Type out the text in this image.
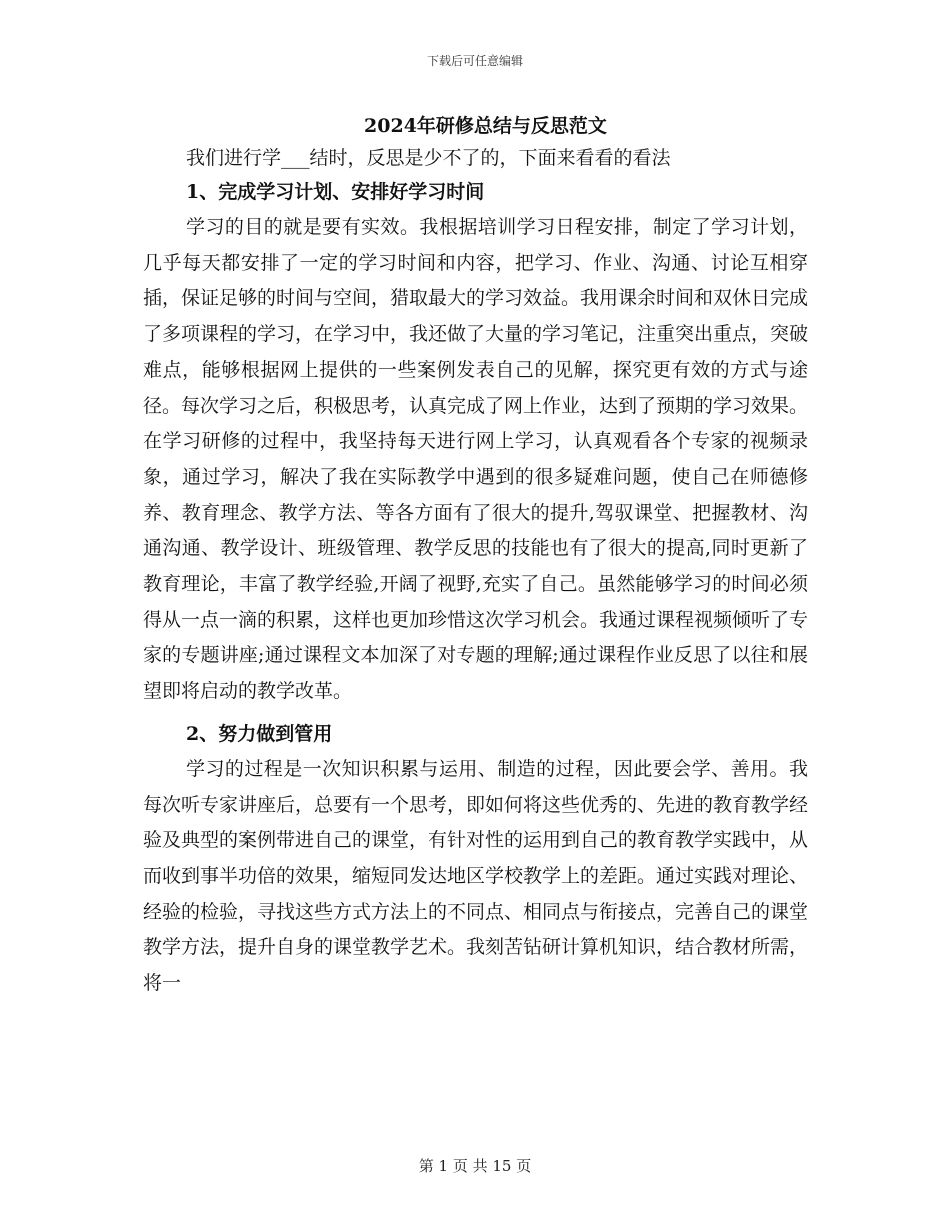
下载后可任意编辑
2024年研修总结与反思范文

我们进行学___结时，反思是少不了的，下面来看看的看法

1、完成学习计划、安排好学习时间

学习的目的就是要有实效。我根据培训学习日程安排，制定了学习计划，几乎每天都安排了一定的学习时间和内容，把学习、作业、沟通、讨论互相穿插，保证足够的时间与空间，猎取最大的学习效益。我用课余时间和双休日完成了多项课程的学习，在学习中，我还做了大量的学习笔记，注重突出重点，突破难点，能够根据网上提供的一些案例发表自己的见解，探究更有效的方式与途径。每次学习之后，积极思考，认真完成了网上作业，达到了预期的学习效果。在学习研修的过程中，我坚持每天进行网上学习，认真观看各个专家的视频录象，通过学习，解决了我在实际教学中遇到的很多疑难问题，使自己在师德修养、教育理念、教学方法、等各方面有了很大的提升,驾驭课堂、把握教材、沟通沟通、教学设计、班级管理、教学反思的技能也有了很大的提高,同时更新了教育理论，丰富了教学经验,开阔了视野,充实了自己。虽然能够学习的时间必须得从一点一滴的积累，这样也更加珍惜这次学习机会。我通过课程视频倾听了专家的专题讲座;通过课程文本加深了对专题的理解;通过课程作业反思了以往和展望即将启动的教学改革。

2、努力做到管用

学习的过程是一次知识积累与运用、制造的过程，因此要会学、善用。我每次听专家讲座后，总要有一个思考，即如何将这些优秀的、先进的教育教学经验及典型的案例带进自己的课堂，有针对性的运用到自己的教育教学实践中，从而收到事半功倍的效果，缩短同发达地区学校教学上的差距。通过实践对理论、经验的检验，寻找这些方式方法上的不同点、相同点与衔接点，完善自己的课堂教学方法，提升自身的课堂教学艺术。我刻苦钻研计算机知识，结合教材所需，将一

第 1 页 共 15 页
